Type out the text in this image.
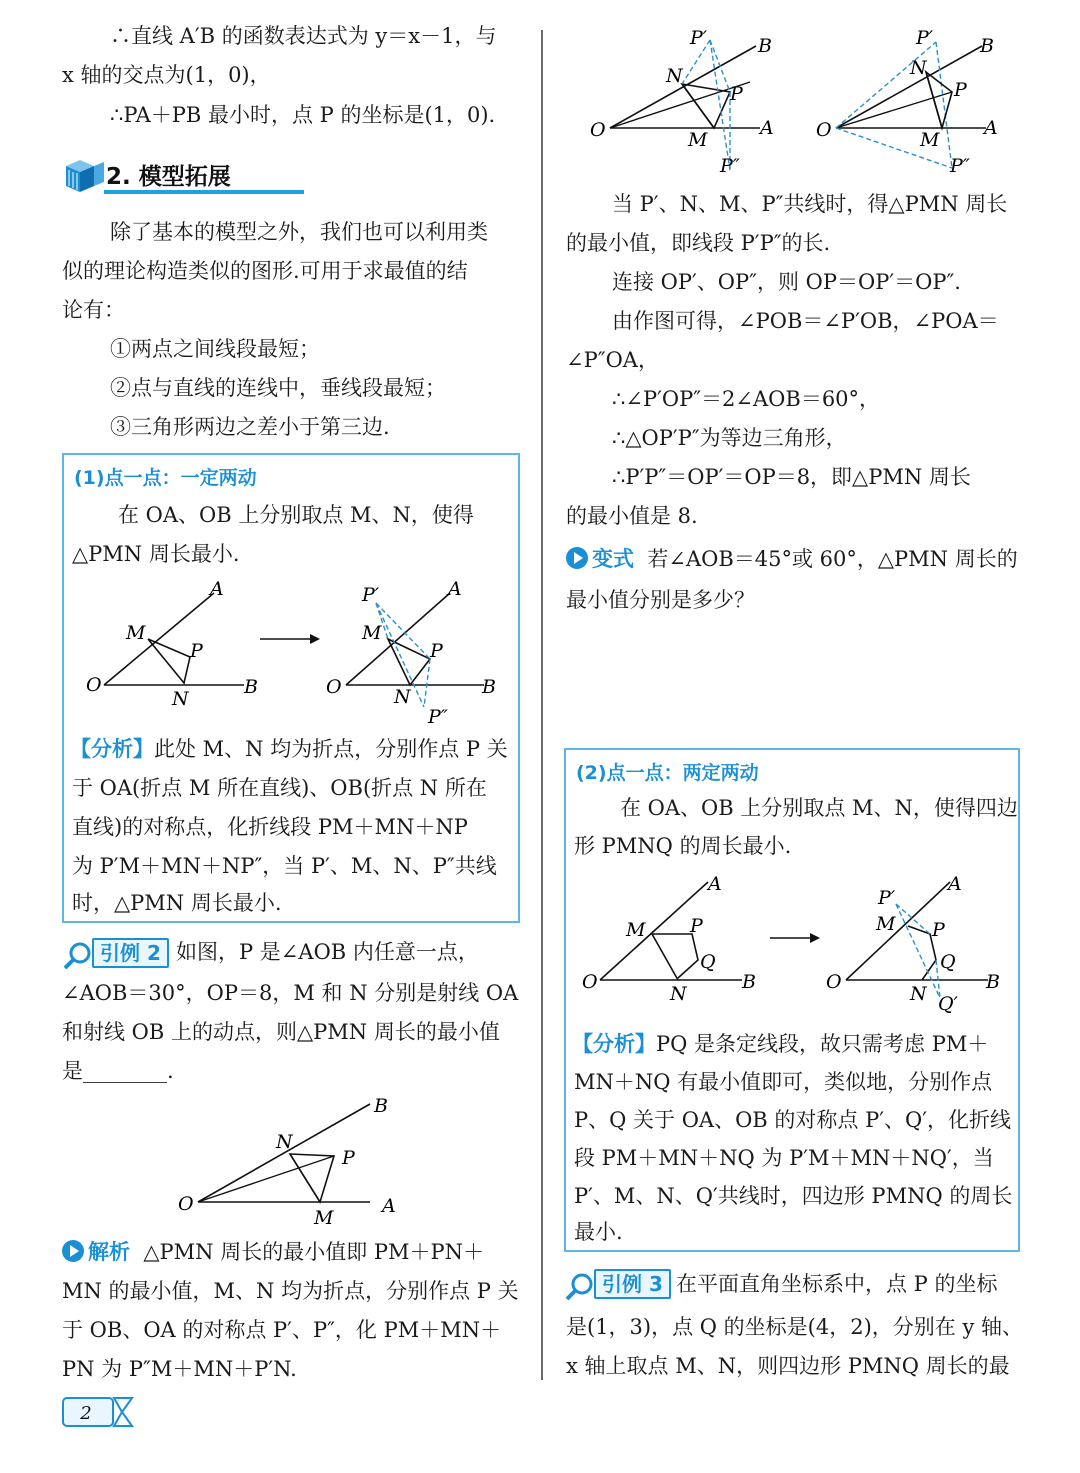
∴直线 A′B 的函数表达式为 y＝x－1，与
x 轴的交点为(1，0)，
∴PA＋PB 最小时，点 P 的坐标是(1，0).
2. 模型拓展
除了基本的模型之外，我们也可以利用类
似的理论构造类似的图形.可用于求最值的结
论有：
①两点之间线段最短；
②点与直线的连线中，垂线段最短；
③三角形两边之差小于第三边.
(1)点一点：一定两动
在 OA、OB 上分别取点 M、N，使得
△PMN 周长最小.
O
A
B
M
N
P
O
A
B
P′
M
N
P
P″
【分析】此处 M、N 均为折点，分别作点 P 关
于 OA(折点 M 所在直线)、OB(折点 N 所在
直线)的对称点，化折线段 PM＋MN＋NP
为 P′M＋MN＋NP″，当 P′、M、N、P″共线
时，△PMN 周长最小.
引例 2 如图，P 是∠AOB 内任意一点，
∠AOB＝30°，OP＝8，M 和 N 分别是射线 OA
和射线 OB 上的动点，则△PMN 周长的最小值
是________.
O
B
A
N
P
M
解析 △PMN 周长的最小值即 PM＋PN＋
MN 的最小值，M、N 均为折点，分别作点 P 关
于 OB、OA 的对称点 P′、P″，化 PM＋MN＋
PN 为 P″M＋MN＋P′N.
2
O
B
A
P′
N
P
M
P″
O
B
A
P′
N
P
M
P″
当 P′、N、M、P″共线时，得△PMN 周长
的最小值，即线段 P′P″的长.
连接 OP′、OP″，则 OP＝OP′＝OP″.
由作图可得，∠POB＝∠P′OB，∠POA＝
∠P″OA，
∴∠P′OP″＝2∠AOB＝60°，
∴△OP′P″为等边三角形，
∴P′P″＝OP′＝OP＝8，即△PMN 周长
的最小值是 8.
变式 若∠AOB＝45°或 60°，△PMN 周长的
最小值分别是多少？
(2)点一点：两定两动
在 OA、OB 上分别取点 M、N，使得四边
形 PMNQ 的周长最小.
O
A
B
M P
Q
N
O
A
B
P′
M P
Q
N Q′
【分析】PQ 是条定线段，故只需考虑 PM＋
MN＋NQ 有最小值即可，类似地，分别作点
P、Q 关于 OA、OB 的对称点 P′、Q′，化折线
段 PM＋MN＋NQ 为 P′M＋MN＋NQ′，当
P′、M、N、Q′共线时，四边形 PMNQ 的周长
最小.
引例 3 在平面直角坐标系中，点 P 的坐标
是(1，3)，点 Q 的坐标是(4，2)，分别在 y 轴、
x 轴上取点 M、N，则四边形 PMNQ 周长的最
